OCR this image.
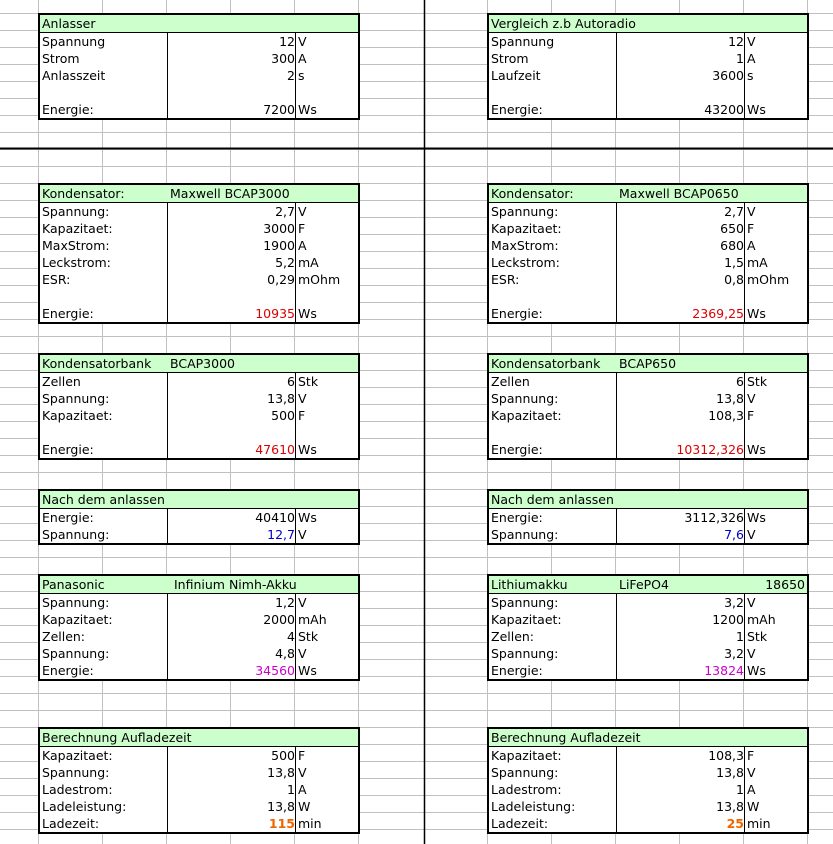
Anlasser
Spannung	12 V
Strom	300 A
Anlasszeit	2 s
Energie:	7200 Ws
Kondensator:	Maxwell BCAP3000
Spannung:	2,7 V
Kapazitaet:	3000 F
MaxStrom:	1900 A
Leckstrom:	5,2 mA
ESR:	0,29 mOhm
Energie:	10935 Ws
Kondensatorbank BCAP3000
Zellen	6 Stk
Spannung:	13,8 V
Kapazitaet:	500 F
Energie:	47610 Ws
Nach dem anlassen
Energie:	40410 Ws
Spannung:	12,7 V
Panasonic	Infinium Nimh-Akku
Spannung:	1,2 V
Kapazitaet:	2000 mAh
Zellen:	4 Stk
Spannung:	4,8 V
Energie:	34560 Ws
Berechnung Aufladezeit
Kapazitaet:	500 F
Spannung:	13,8 V
Ladestrom:	1 A
Ladeleistung:	13,8 W
Ladezeit:	115 min
Vergleich z.b Autoradio
Spannung	12 V
Strom	1 A
Laufzeit	3600 s
Energie:	43200 Ws
Kondensator:	Maxwell BCAP0650
Spannung:	2,7 V
Kapazitaet:	650 F
MaxStrom:	680 A
Leckstrom:	1,5 mA
ESR:	0,8 mOhm
Energie:	2369,25 Ws
Kondensatorbank BCAP650
Zellen	6 Stk
Spannung:	13,8 V
Kapazitaet:	108,3 F
Energie:	10312,326 Ws
Nach dem anlassen
Energie:	3112,326 Ws
Spannung:	7,6 V
Lithiumakku	LiFePO4	18650
Spannung:	3,2 V
Kapazitaet:	1200 mAh
Zellen:	1 Stk
Spannung:	3,2 V
Energie:	13824 Ws
Berechnung Aufladezeit
Kapazitaet:	108,3 F
Spannung:	13,8 V
Ladestrom:	1 A
Ladeleistung:	13,8 W
Ladezeit:	25 min
